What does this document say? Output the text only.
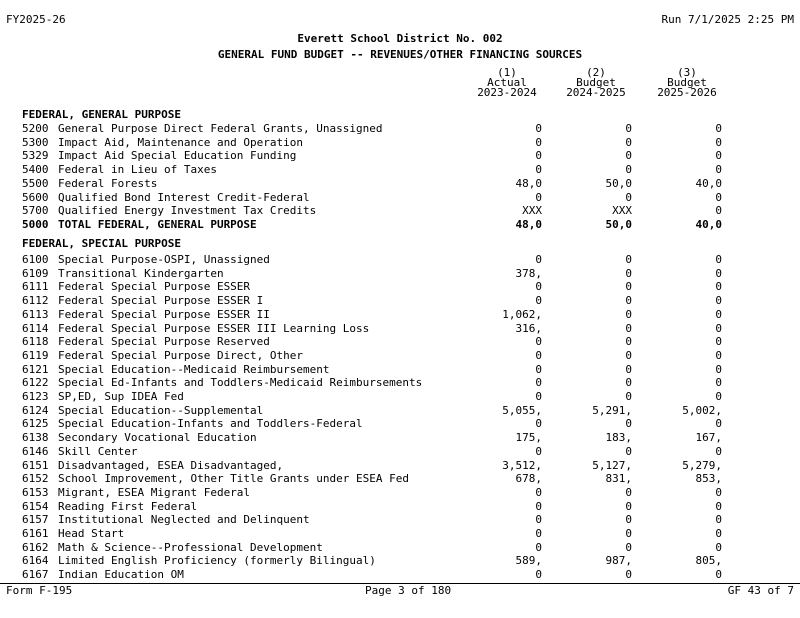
FY2025-26	Run 7/1/2025 2:25 PM
Everett School District No. 002
GENERAL FUND BUDGET -- REVENUES/OTHER FINANCING SOURCES
(1)
Actual
2023-2024
(2)
Budget
2024-2025
(3)
Budget
2025-2026
FEDERAL, GENERAL PURPOSE
5200 General Purpose Direct Federal Grants, Unassigned	0	0	0
5300 Impact Aid, Maintenance and Operation	0	0	0
5329 Impact Aid Special Education Funding	0	0	0
5400 Federal in Lieu of Taxes	0	0	0
5500 Federal Forests	48,0	50,0	40,0
5600 Qualified Bond Interest Credit-Federal	0	0	0
5700 Qualified Energy Investment Tax Credits	XXX	XXX	0
5000 TOTAL FEDERAL, GENERAL PURPOSE	48,0	50,0	40,0
FEDERAL, SPECIAL PURPOSE
6100 Special Purpose-OSPI, Unassigned	0	0	0
6109 Transitional Kindergarten	378,	0	0
6111 Federal Special Purpose ESSER	0	0	0
6112 Federal Special Purpose ESSER I	0	0	0
6113 Federal Special Purpose ESSER II	1,062,	0	0
6114 Federal Special Purpose ESSER III Learning Loss	316,	0	0
6118 Federal Special Purpose Reserved	0	0	0
6119 Federal Special Purpose Direct, Other	0	0	0
6121 Special Education--Medicaid Reimbursement	0	0	0
6122 Special Ed-Infants and Toddlers-Medicaid Reimbursements	0	0	0
6123 SP,ED, Sup IDEA Fed	0	0	0
6124 Special Education--Supplemental	5,055,	5,291,	5,002,
6125 Special Education-Infants and Toddlers-Federal	0	0	0
6138 Secondary Vocational Education	175,	183,	167,
6146 Skill Center	0	0	0
6151 Disadvantaged, ESEA Disadvantaged,	3,512,	5,127,	5,279,
6152 School Improvement, Other Title Grants under ESEA Fed	678,	831,	853,
6153 Migrant, ESEA Migrant Federal	0	0	0
6154 Reading First Federal	0	0	0
6157 Institutional Neglected and Delinquent	0	0	0
6161 Head Start	0	0	0
6162 Math & Science--Professional Development	0	0	0
6164 Limited English Proficiency (formerly Bilingual)	589,	987,	805,
6167 Indian Education OM	0	0	0
Form F-195	Page 3 of 180	GF 43 of 7
